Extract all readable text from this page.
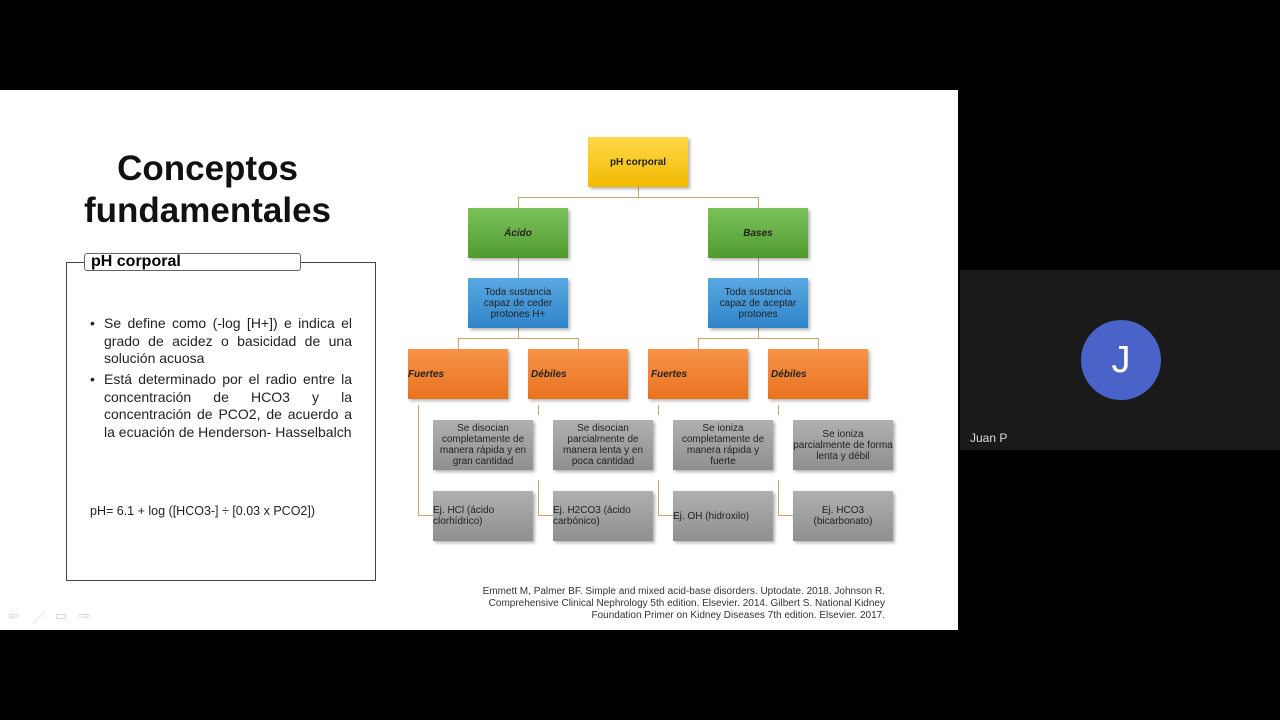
Conceptos fundamentales
pH corporal
• Se define como (-log [H+]) e indica el grado de acidez o basicidad de una solución acuosa
• Está determinado por el radio entre la concentración de HCO3 y la concentración de PCO2, de acuerdo a la ecuación de Henderson- Hasselbalch
pH= 6.1 + log ([HCO3-] ÷ [0.03 x PCO2])
pH corporal
Ácido	Bases
Toda sustancia capaz de ceder protones H+
Toda sustancia capaz de aceptar protones
Fuertes	Débiles	Fuertes	Débiles
Se disocian completamente de manera rápida y en gran cantidad
Se disocian parcialmente de manera lenta y en poca cantidad
Se ioniza completamente de manera rápida y fuerte
Se ioniza parcialmente de forma lenta y débil
Ej. HCl (ácido clorhídrico)
Ej. H2CO3 (ácido carbónico)	Ej. OH (hidroxilo)	Ej. HCO3 (bicarbonato)
Emmett M, Palmer BF. Simple and mixed acid-base disorders. Uptodate. 2018. Johnson R. Comprehensive Clinical Nephrology 5th edition. Elsevier. 2014. Gilbert S. National Kidney Foundation Primer on Kidney Diseases 7th edition. Elsevier. 2017.
⇦ ／ ▭ ⇨
J
Juan P
